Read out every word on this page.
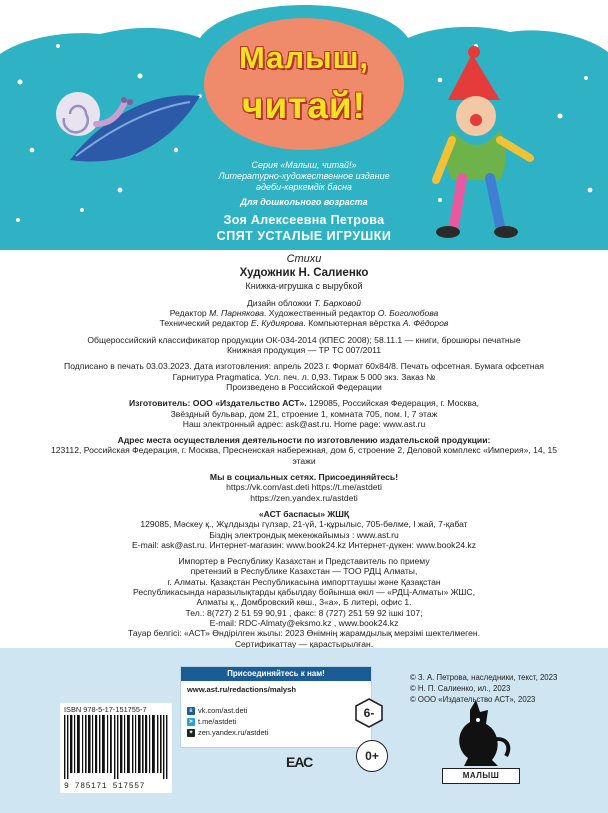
Малыш,
читай!
Серия «Малыш, читай!»
Литературно-художественное издание
әдеби-көркемдік басна
Для дошкольного возраста
Зоя Алексеевна Петрова
СПЯТ УСТАЛЫЕ ИГРУШКИ

Стихи

Художник Н. Салиенко

Книжка-игрушка с вырубкой

Дизайн обложки Т. Барковой

Редактор М. Парнякова. Художественный редактор О. Боголюбова

Технический редактор Е. Кудиярова. Компьютерная вёрстка А. Фёдоров

Общероссийский классификатор продукции ОК-034-2014 (КПЕС 2008); 58.11.1 — книги, брошюры печатные

Книжная продукция — ТР ТС 007/2011

Подписано в печать 03.03.2023. Дата изготовления: апрель 2023 г. Формат 60х84/8. Печать офсетная. Бумага офсетная

Гарнитура Pragmatica. Усл. печ. л. 0,93. Тираж 5 000 экз. Заказ №

Произведено в Российской Федерации

Изготовитель: ООО «Издательство АСТ». 129085, Российская Федерация, г. Москва,

Звёздный бульвар, дом 21, строение 1, комната 705, пом. I, 7 этаж

Наш электронный адрес: ask@ast.ru. Home page: www.ast.ru

Адрес места осуществления деятельности по изготовлению издательской продукции:

123112, Российская Федерация, г. Москва, Пресненская набережная, дом 6, строение 2, Деловой комплекс «Империя», 14, 15 этажи

Мы в социальных сетях. Присоединяйтесь!

https://vk.com/ast.deti https://t.me/astdeti

https://zen.yandex.ru/astdeti

«АСТ баспасы» ЖШҚ

129085, Мәскеу қ., Жұлдызды гүлзар, 21-үй, 1-құрылыс, 705-бөлме, I жай, 7-қабат

Біздің электрондық мекенжайымыз : www.ast.ru

E-mail: ask@ast.ru. Интернет-магазин: www.book24.kz Интернет-дүкен: www.book24.kz

Импортер в Республику Казахстан и Представитель по приему

претензий в Республике Казахстан — ТОО РДЦ Алматы,

г. Алматы. Қазақстан Республикасына импорттаушы және Қазақстан

Республикасында наразылықтарды қабылдау бойынша өкіл — «РДЦ-Алматы» ЖШС,

Алматы қ., Домбровский көш., 3«а», Б литері, офис 1.

Тел.: 8(727) 2 51 59 90,91 , факс: 8 (727) 251 59 92 ішкі 107;

E-mail: RDC-Almaty@eksmo.kz , www.book24.kz

Тауар белгісі: «АСТ» Өндірілген жылы: 2023 Өнімнің жарамдылық мерзімі шектелмеген.

Сертификаттау — қарастырылған.

Присоединяйтесь к нам!
www.ast.ru/redactions/malysh
в vk.com/ast.deti
➤ t.me/astdeti
✦ zen.yandex.ru/astdeti
ISBN 978-5-17-151755-7
9 785171 517557
ЕАС
6-
0+
© З. А. Петрова, наследники, текст, 2023
© Н. П. Салиенко, ил., 2023
© ООО «Издательство АСТ», 2023
МАЛЫШ
